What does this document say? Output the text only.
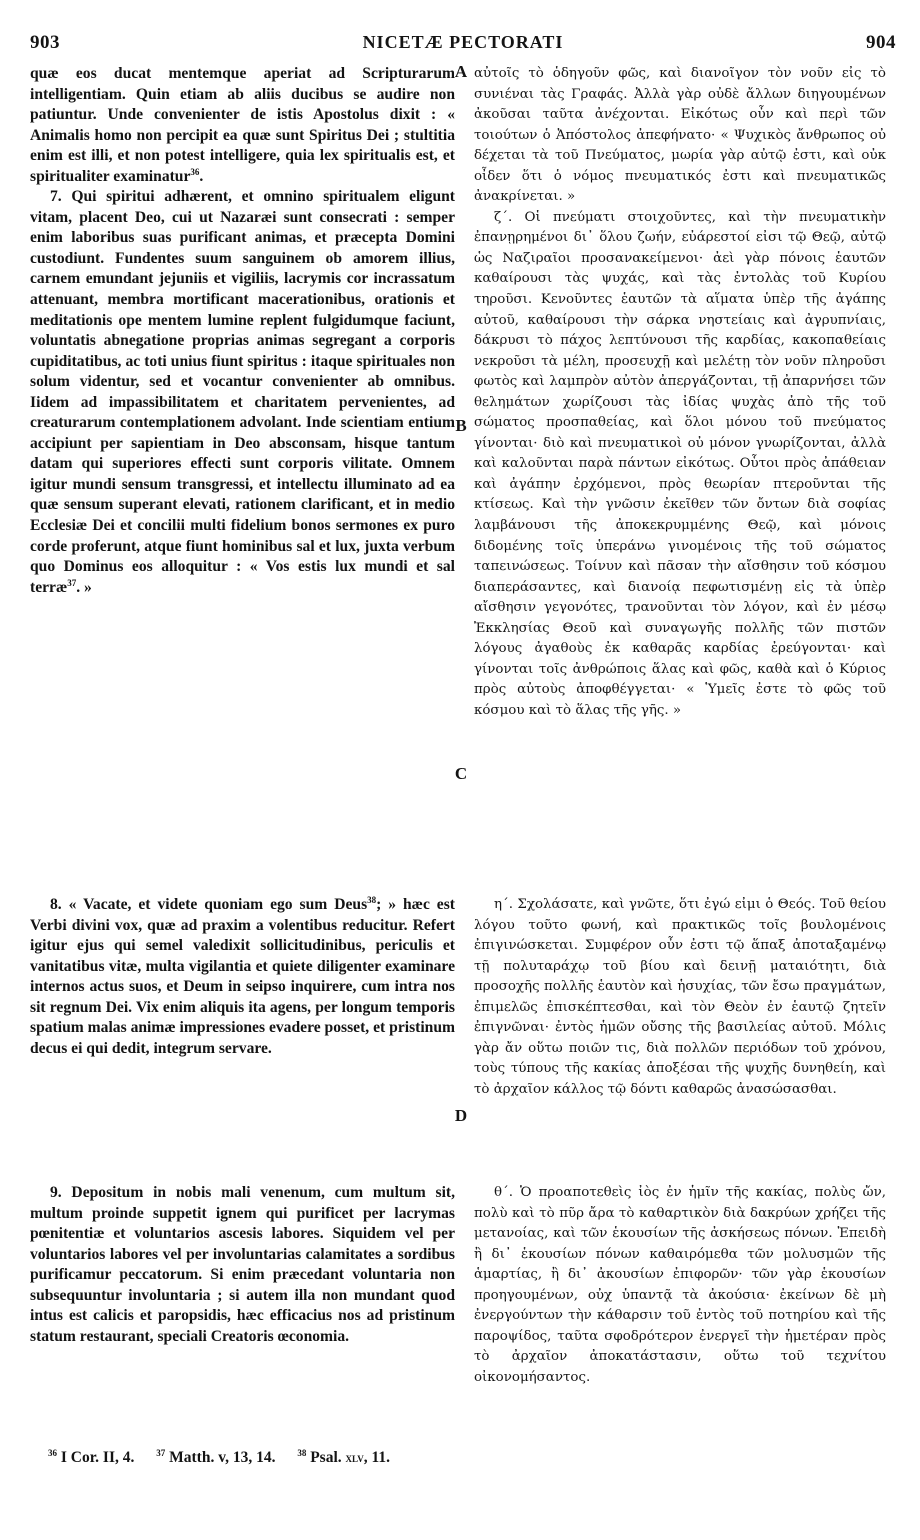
903	NICETÆ PECTORATI	904

quæ eos ducat mentemque aperiat ad Scripturarum intelligentiam. Quin etiam ab aliis ducibus se audire non patiuntur. Unde convenienter de istis Apostolus dixit : « Animalis homo non percipit ea quæ sunt Spiritus Dei ; stultitia enim est illi, et non potest intelligere, quia lex spiritualis est, et spiritualiter examinatur$^{36}$.

7. Qui spiritui adhærent, et omnino spiritualem eligunt vitam, placent Deo, cui ut Nazaræi sunt consecrati : semper enim laboribus suas purificant animas, et præcepta Domini custodiunt. Fundentes suum sanguinem ob amorem illius, carnem emundant jejuniis et vigiliis, lacrymis cor incrassatum attenuant, membra mortificant macerationibus, orationis et meditationis ope mentem lumine replent fulgidumque faciunt, voluntatis abnegatione proprias animas segregant a corporis cupiditatibus, ac toti unius fiunt spiritus : itaque spirituales non solum videntur, sed et vocantur convenienter ab omnibus. Iidem ad impassibilitatem et charitatem pervenientes, ad creaturarum contemplationem advolant. Inde scientiam entium accipiunt per sapientiam in Deo absconsam, hisque tantum datam qui superiores effecti sunt corporis vilitate. Omnem igitur mundi sensum transgressi, et intellectu illuminato ad ea quæ sensum superant elevati, rationem clarificant, et in medio Ecclesiæ Dei et concilii multi fidelium bonos sermones ex puro corde proferunt, atque fiunt hominibus sal et lux, juxta verbum quo Dominus eos alloquitur : « Vos estis lux mundi et sal terræ$^{37}$. »

8. « Vacate, et videte quoniam ego sum Deus$^{38}$; » hæc est Verbi divini vox, quæ ad praxim a volentibus reducitur. Refert igitur ejus qui semel valedixit sollicitudinibus, periculis et vanitatibus vitæ, multa vigilantia et quiete diligenter examinare internos actus suos, et Deum in seipso inquirere, cum intra nos sit regnum Dei. Vix enim aliquis ita agens, per longum temporis spatium malas animæ impressiones evadere posset, et pristinum decus ei qui dedit, integrum servare.

9. Depositum in nobis mali venenum, cum multum sit, multum proinde suppetit ignem qui purificet per lacrymas pœnitentiæ et voluntarios ascesis labores. Siquidem vel per voluntarios labores vel per involuntarias calamitates a sordibus purificamur peccatorum. Si enim præcedant voluntaria non subsequuntur involuntaria ; si autem illa non mundant quod intus est calicis et paropsidis, hæc efficacius nos ad pristinum statum restaurant, speciali Creatoris œconomia.

A
B
C
D

αὐτοῖς τὸ ὁδηγοῦν φῶς, καὶ διανοῖγον τὸν νοῦν εἰς τὸ συνιέναι τὰς Γραφάς. Ἀλλὰ γὰρ οὐδὲ ἄλλων διηγουμένων ἀκοῦσαι ταῦτα ἀνέχονται. Εἰκότως οὖν καὶ περὶ τῶν τοιούτων ὁ Ἀπόστολος ἀπεφήνατο· « Ψυχικὸς ἄνθρωπος οὐ δέχεται τὰ τοῦ Πνεύματος, μωρία γὰρ αὐτῷ ἐστι, καὶ οὐκ οἶδεν ὅτι ὁ νόμος πνευματικός ἐστι καὶ πνευματικῶς ἀνακρίνεται. »

ζ΄. Οἱ πνεύματι στοιχοῦντες, καὶ τὴν πνευματικὴν ἐπανῃρημένοι δι᾽ ὅλου ζωήν, εὐάρεστοί εἰσι τῷ Θεῷ, αὐτῷ ὡς Ναζιραῖοι προσανακείμενοι· ἀεὶ γὰρ πόνοις ἑαυτῶν καθαίρουσι τὰς ψυχάς, καὶ τὰς ἐντολὰς τοῦ Κυρίου τηροῦσι. Κενοῦντες ἑαυτῶν τὰ αἵματα ὑπὲρ τῆς ἀγάπης αὐτοῦ, καθαίρουσι τὴν σάρκα νηστείαις καὶ ἀγρυπνίαις, δάκρυσι τὸ πάχος λεπτύνουσι τῆς καρδίας, κακοπαθείαις νεκροῦσι τὰ μέλη, προσευχῇ καὶ μελέτῃ τὸν νοῦν πληροῦσι φωτὸς καὶ λαμπρὸν αὐτὸν ἀπεργάζονται, τῇ ἀπαρνήσει τῶν θελημάτων χωρίζουσι τὰς ἰδίας ψυχὰς ἀπὸ τῆς τοῦ σώματος προσπαθείας, καὶ ὅλοι μόνου τοῦ πνεύματος γίνονται· διὸ καὶ πνευματικοὶ οὐ μόνον γνωρίζονται, ἀλλὰ καὶ καλοῦνται παρὰ πάντων εἰκότως. Οὗτοι πρὸς ἀπάθειαν καὶ ἀγάπην ἐρχόμενοι, πρὸς θεωρίαν πτεροῦνται τῆς κτίσεως. Καὶ τὴν γνῶσιν ἐκεῖθεν τῶν ὄντων διὰ σοφίας λαμβάνουσι τῆς ἀποκεκρυμμένης Θεῷ, καὶ μόνοις διδομένης τοῖς ὑπεράνω γινομένοις τῆς τοῦ σώματος ταπεινώσεως. Τοίνυν καὶ πᾶσαν τὴν αἴσθησιν τοῦ κόσμου διαπεράσαντες, καὶ διανοίᾳ πεφωτισμένῃ εἰς τὰ ὑπὲρ αἴσθησιν γεγονότες, τρανοῦνται τὸν λόγον, καὶ ἐν μέσῳ Ἐκκλησίας Θεοῦ καὶ συναγωγῆς πολλῆς τῶν πιστῶν λόγους ἀγαθοὺς ἐκ καθαρᾶς καρδίας ἐρεύγονται· καὶ γίνονται τοῖς ἀνθρώποις ἅλας καὶ φῶς, καθὰ καὶ ὁ Κύριος πρὸς αὐτοὺς ἀποφθέγγεται· « Ὑμεῖς ἐστε τὸ φῶς τοῦ κόσμου καὶ τὸ ἅλας τῆς γῆς. »

η΄. Σχολάσατε, καὶ γνῶτε, ὅτι ἐγώ εἰμι ὁ Θεός. Τοῦ θείου λόγου τοῦτο φωνή, καὶ πρακτικῶς τοῖς βουλομένοις ἐπιγινώσκεται. Συμφέρον οὖν ἐστι τῷ ἅπαξ ἀποταξαμένῳ τῇ πολυταράχῳ τοῦ βίου καὶ δεινῇ ματαιότητι, διὰ προσοχῆς πολλῆς ἑαυτὸν καὶ ἡσυχίας, τῶν ἔσω πραγμάτων, ἐπιμελῶς ἐπισκέπτεσθαι, καὶ τὸν Θεὸν ἐν ἑαυτῷ ζητεῖν ἐπιγνῶναι· ἐντὸς ἡμῶν οὔσης τῆς βασιλείας αὐτοῦ. Μόλις γὰρ ἄν οὕτω ποιῶν τις, διὰ πολλῶν περιόδων τοῦ χρόνου, τοὺς τύπους τῆς κακίας ἀποξέσαι τῆς ψυχῆς δυνηθείη, καὶ τὸ ἀρχαῖον κάλλος τῷ δόντι καθαρῶς ἀνασώσασθαι.

θ΄. Ὁ προαποτεθεὶς ἰὸς ἐν ἡμῖν τῆς κακίας, πολὺς ὤν, πολὺ καὶ τὸ πῦρ ἄρα τὸ καθαρτικὸν διὰ δακρύων χρήζει τῆς μετανοίας, καὶ τῶν ἑκουσίων τῆς ἀσκήσεως πόνων. Ἐπειδὴ ἢ δι᾽ ἑκουσίων πόνων καθαιρόμεθα τῶν μολυσμῶν τῆς ἁμαρτίας, ἢ δι᾽ ἀκουσίων ἐπιφορῶν· τῶν γὰρ ἑκουσίων προηγουμένων, οὐχ ὑπαντᾷ τὰ ἀκούσια· ἐκείνων δὲ μὴ ἐνεργούντων τὴν κάθαρσιν τοῦ ἐντὸς τοῦ ποτηρίου καὶ τῆς παροψίδος, ταῦτα σφοδρότερον ἐνεργεῖ τὴν ἡμετέραν πρὸς τὸ ἀρχαῖον ἀποκατάστασιν, οὕτω τοῦ τεχνίτου οἰκονομήσαντος.

$^{36}$ I Cor. II, 4. $^{37}$ Matth. v, 13, 14. $^{38}$ Psal. xlv, 11.
